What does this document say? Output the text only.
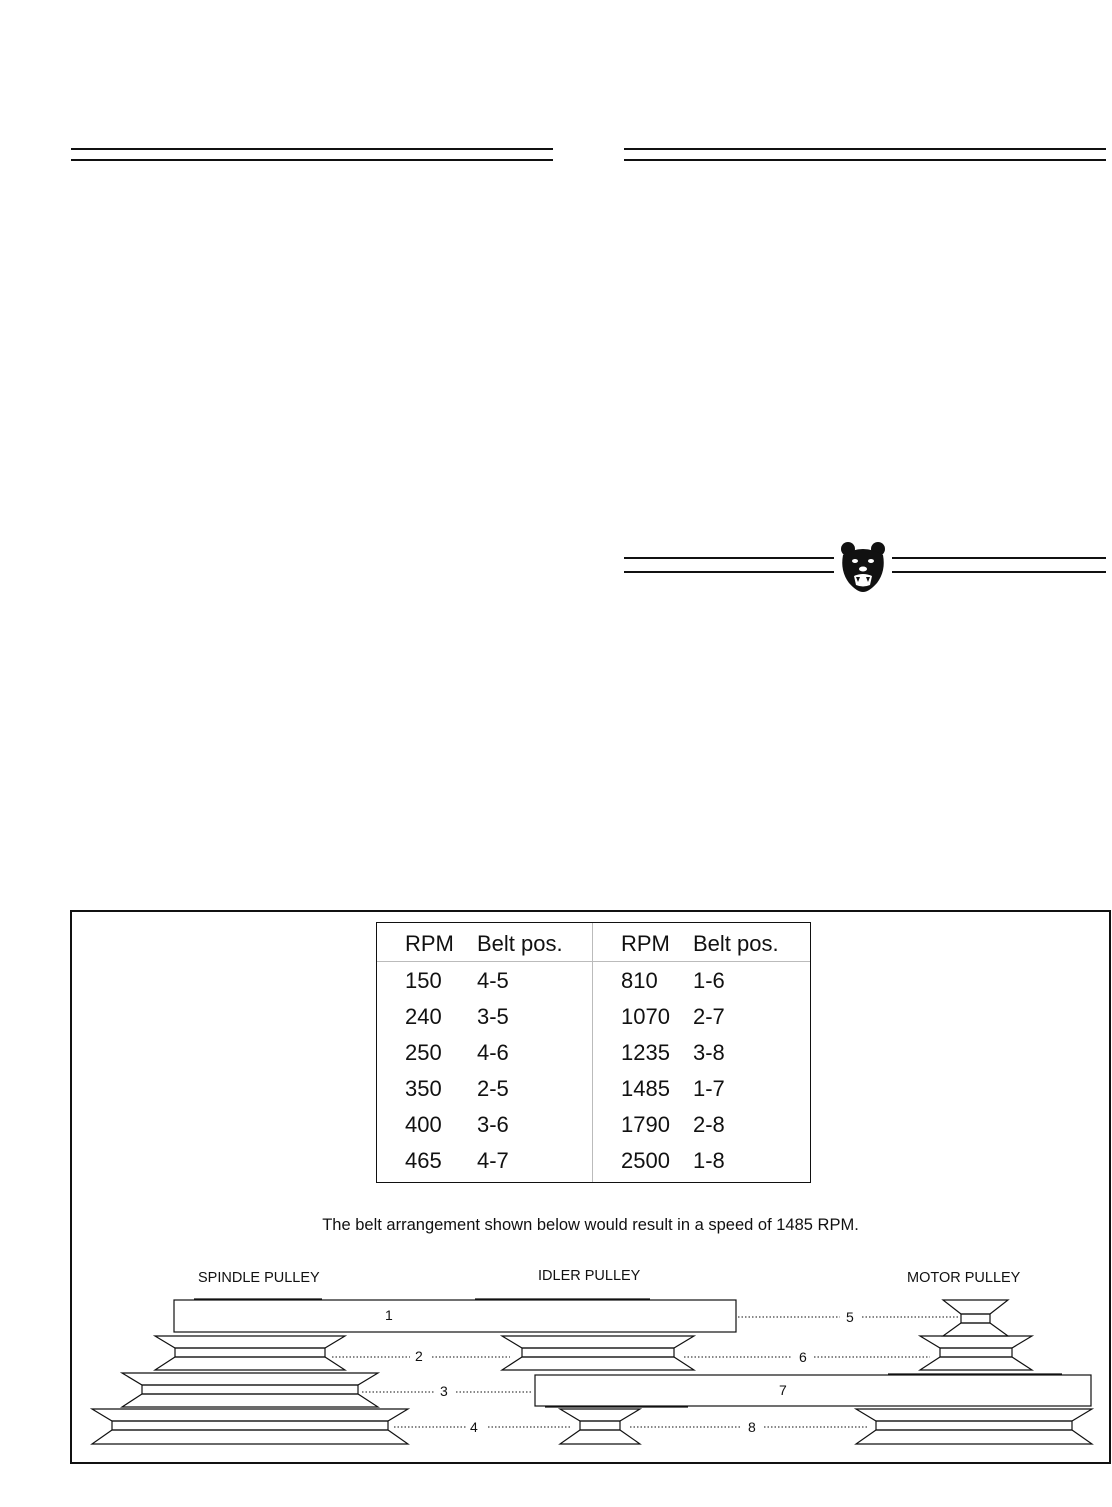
RPM Belt pos.	RPM Belt pos.
150 4-5	810 1-6
240 3-5	1070 2-7
250 4-6	1235 3-8
350 2-5	1485 1-7
400 3-6	1790 2-8
465 4-7	2500 1-8
The belt arrangement shown below would result in a speed of 1485 RPM.
SPINDLE PULLEY	IDLER PULLEY	MOTOR PULLEY
1
2
3
4
5
6
7
8
